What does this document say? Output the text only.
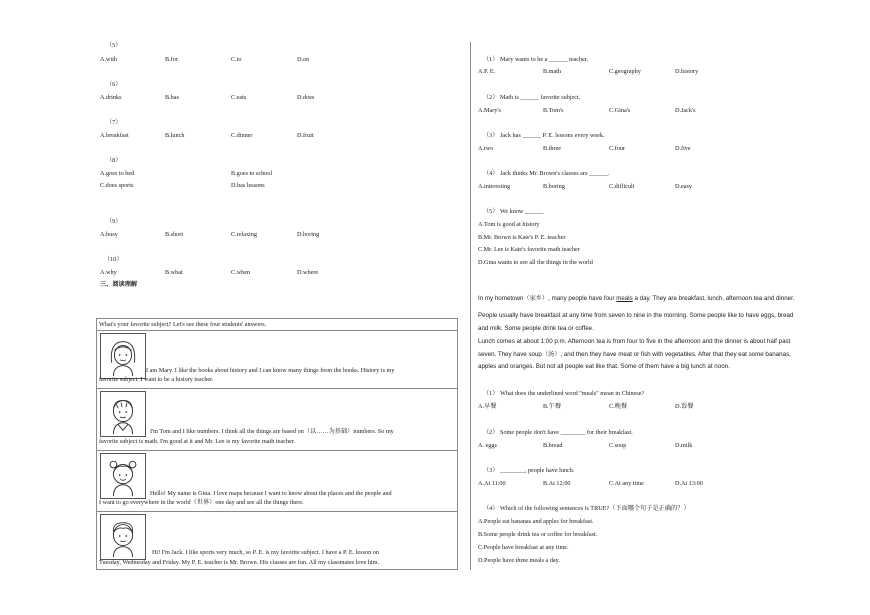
（5）
A.with	B.for	C.to	D.on
（6）
A.drinks	B.has	C.eats	D.does
（7）
A.breakfast	B.lunch	C.dinner	D.fruit
（8）
A.goes to bed	B.goes to school
C.does sports	D.has lessons
（9）
A.busy	B.short	C.relaxing	D.boring
（10）
A.why	B.what	C.when	D.where
三、阅读理解
What's your favorite subject? Let's see these four students' answers.
I am Mary. I like the books about history and I can know many things from the books. History is my
favorite subject. I want to be a history teacher.
I'm Tom and I like numbers. I think all the things are based on（以……为基础）numbers. So my
favorite subject is math. I'm good at it and Mr. Lee is my favorite math teacher.
Hello! My name is Gina. I love maps because I want to know about the places and the people and
I want to go everywhere in the world（世界）one day and see all the things there.
Hi! I'm Jack. I like sports very much, so P. E. is my favorite subject. I have a P. E. lesson on
Tuesday, Wednesday and Friday. My P. E. teacher is Mr. Brown. His classes are fun. All my classmates love him.
（1） Mary wants to be a ______ teacher.
A.P. E.	B.math	C.geography	D.history
（2） Math is ______ favorite subject.
A.Mary's	B.Tom's	C.Gina's	D.Jack's
（3） Jack has ______ P. E. lessons every week.
A.two	B.three	C.four	D.five
（4） Jack thinks Mr. Brown's classes are ______.
A.interesting	B.boring	C.difficult	D.easy
（5） We know ______
A.Tom is good at history
B.Mr. Brown is Kate's P. E. teacher
C.Mr. Lee is Kate's favorite math teacher
D.Gina wants to see all the things in the world
In my hometown（家乡）, many people have four meals a day. They are breakfast, lunch, afternoon tea and dinner.
People usually have breakfast at any time from seven to nine in the morning. Some people like to have eggs, bread
and milk. Some people drink tea or coffee.
Lunch comes at about 1:00 p.m. Afternoon tea is from four to five in the afternoon and the dinner is about half past
seven. They have soup（汤）, and then they have meat or fish with vegetables. After that they eat some bananas,
apples and oranges. But not all people eat like that. Some of them have a big lunch at noon.
（1） What does the underlined word "meals" mean in Chinese?
A.早餐	B.午餐	C.晚餐	D.饭餐
（2） Some people don't have ________ for their breakfast.
A. eggs	B.bread	C.soup	D.milk
（3） ________, people have lunch.
A.At 11:00	B.At 12:00	C.At any time	D.At 13:00
（4） Which of the following sentences is TRUE?（下面哪个句子是正确的？）
A.People eat bananas and apples for breakfast.
B.Some people drink tea or coffee for breakfast.
C.People have breakfast at any time.
D.People have three meals a day.
